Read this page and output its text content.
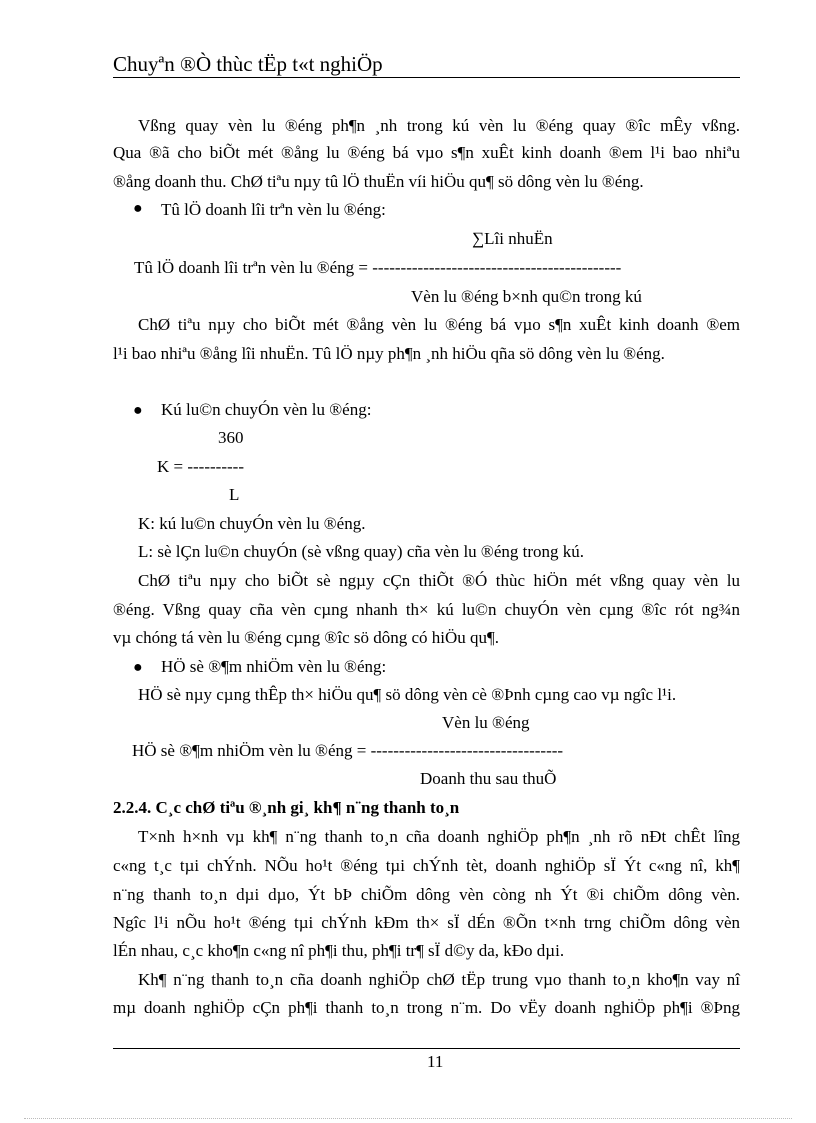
Chuyªn ®Ò thùc tËp t«t nghiÖp
Vßng quay vèn lu ®éng ph¶n ¸nh trong kú vèn lu ®éng quay ®îc mÊy vßng.
Qua ®ã cho biÕt mét ®ång lu ®éng bá vµo s¶n xuÊt kinh doanh ®em l¹i bao nhiªu
®ång doanh thu. ChØ tiªu nµy tû lÖ thuËn víi hiÖu qu¶ sö dông vèn lu ®éng.
● Tû lÖ doanh lîi trªn vèn lu ®éng:
∑Lîi nhuËn
Tû lÖ doanh lîi trªn vèn lu ®éng = --------------------------------------------
Vèn lu ®éng b×nh qu©n trong kú
ChØ tiªu nµy cho biÕt mét ®ång vèn lu ®éng bá vµo s¶n xuÊt kinh doanh ®em
l¹i bao nhiªu ®ång lîi nhuËn. Tû lÖ nµy ph¶n ¸nh hiÖu qña sö dông vèn lu ®éng.
● Kú lu©n chuyÓn vèn lu ®éng:
360
K = ----------
L
K: kú lu©n chuyÓn vèn lu ®éng.
L: sè lÇn lu©n chuyÓn (sè vßng quay) cña vèn lu ®éng trong kú.
ChØ tiªu nµy cho biÕt sè ngµy cÇn thiÕt ®Ó thùc hiÖn mét vßng quay vèn lu
®éng. Vßng quay cña vèn cµng nhanh th× kú lu©n chuyÓn vèn cµng ®îc rót ng¾n
vµ chóng tá vèn lu ®éng cµng ®îc sö dông có hiÖu qu¶.
● HÖ sè ®¶m nhiÖm vèn lu ®éng:
HÖ sè nµy cµng thÊp th× hiÖu qu¶ sö dông vèn cè ®Þnh cµng cao vµ ngîc l¹i.
Vèn lu ®éng
HÖ sè ®¶m nhiÖm vèn lu ®éng = ----------------------------------
Doanh thu sau thuÕ
2.2.4. C¸c chØ tiªu ®¸nh gi¸ kh¶ n¨ng thanh to¸n
T×nh h×nh vµ kh¶ n¨ng thanh to¸n cña doanh nghiÖp ph¶n ¸nh rõ nÐt chÊt lîng
c«ng t¸c tµi chÝnh. NÕu ho¹t ®éng tµi chÝnh tèt, doanh nghiÖp sÏ Ýt c«ng nî, kh¶
n¨ng thanh to¸n dµi dµo, Ýt bÞ chiÕm dông vèn còng nh Ýt ®i chiÕm dông vèn.
Ngîc l¹i nÕu ho¹t ®éng tµi chÝnh kÐm th× sÏ dÉn ®Õn t×nh trng chiÕm dông vèn
lÉn nhau, c¸c kho¶n c«ng nî ph¶i thu, ph¶i tr¶ sÏ d©y da, kÐo dµi.
Kh¶ n¨ng thanh to¸n cña doanh nghiÖp chØ tËp trung vµo thanh to¸n kho¶n vay nî
mµ doanh nghiÖp cÇn ph¶i thanh to¸n trong n¨m. Do vËy doanh nghiÖp ph¶i ®Þng
11
